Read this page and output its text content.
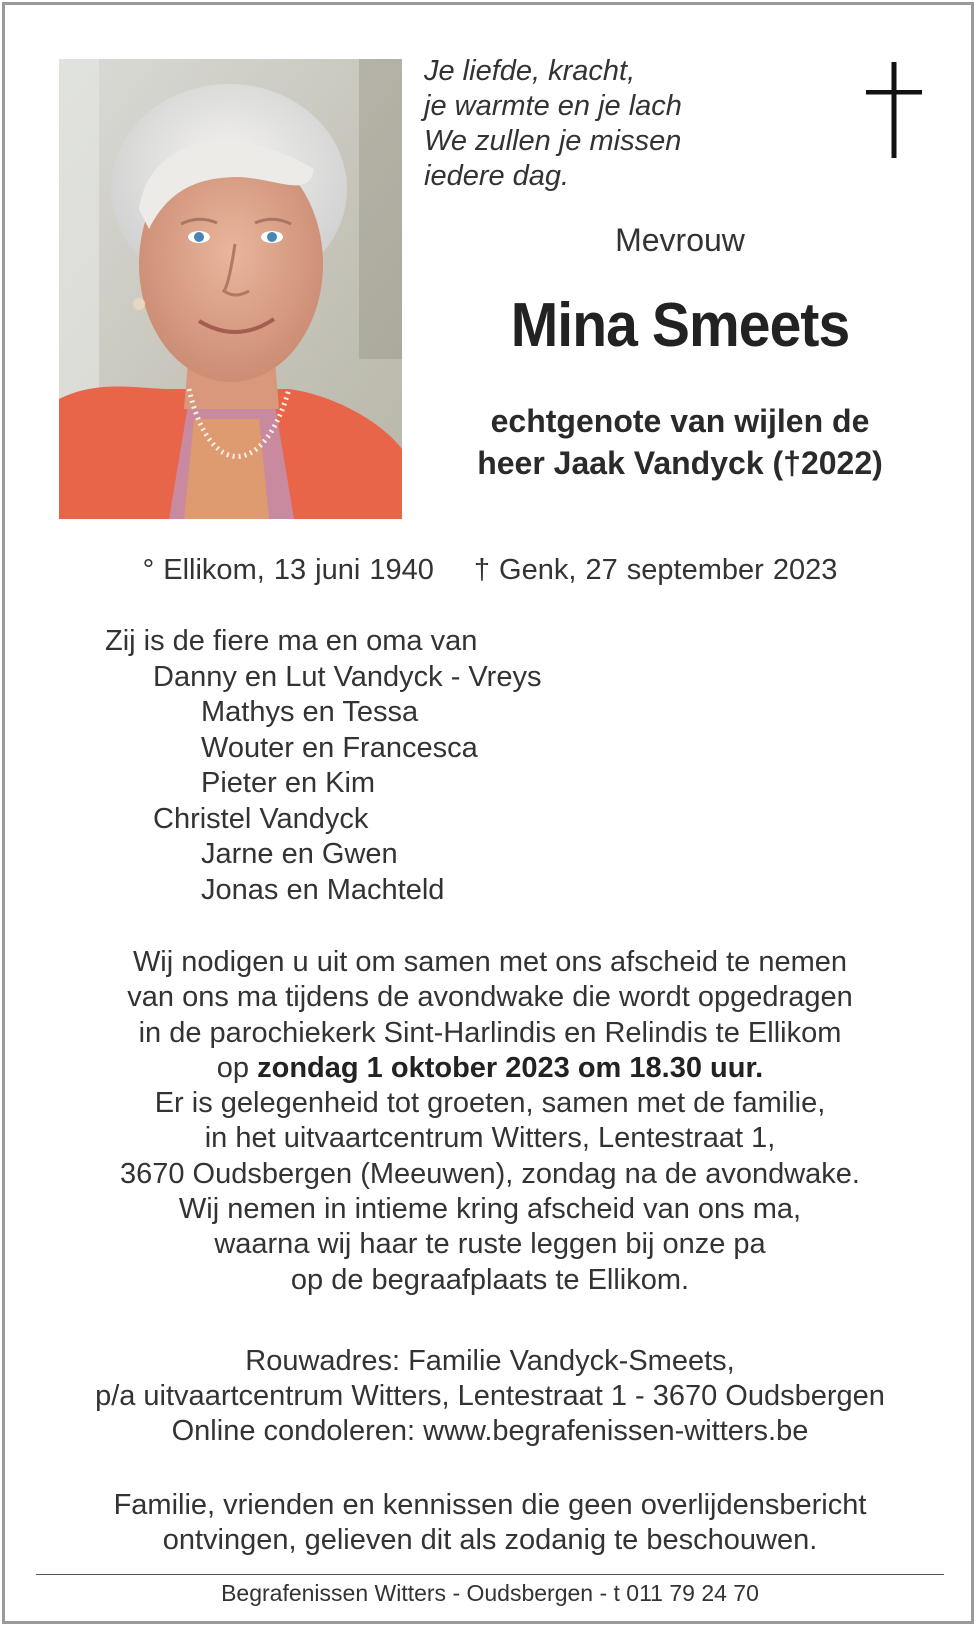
Je liefde, kracht,
je warmte en je lach
We zullen je missen
iedere dag.
Mevrouw
Mina Smeets
echtgenote van wijlen de
heer Jaak Vandyck (†2022)
° Ellikom, 13 juni 1940 † Genk, 27 september 2023
Zij is de fiere ma en oma van
Danny en Lut Vandyck - Vreys
Mathys en Tessa
Wouter en Francesca
Pieter en Kim
Christel Vandyck
Jarne en Gwen
Jonas en Machteld
Wij nodigen u uit om samen met ons afscheid te nemen
van ons ma tijdens de avondwake die wordt opgedragen
in de parochiekerk Sint-Harlindis en Relindis te Ellikom
op zondag 1 oktober 2023 om 18.30 uur.
Er is gelegenheid tot groeten, samen met de familie,
in het uitvaartcentrum Witters, Lentestraat 1,
3670 Oudsbergen (Meeuwen), zondag na de avondwake.
Wij nemen in intieme kring afscheid van ons ma,
waarna wij haar te ruste leggen bij onze pa
op de begraafplaats te Ellikom.
Rouwadres: Familie Vandyck-Smeets,
p/a uitvaartcentrum Witters, Lentestraat 1 - 3670 Oudsbergen
Online condoleren: www.begrafenissen-witters.be
Familie, vrienden en kennissen die geen overlijdensbericht
ontvingen, gelieven dit als zodanig te beschouwen.
Begrafenissen Witters - Oudsbergen - t 011 79 24 70
